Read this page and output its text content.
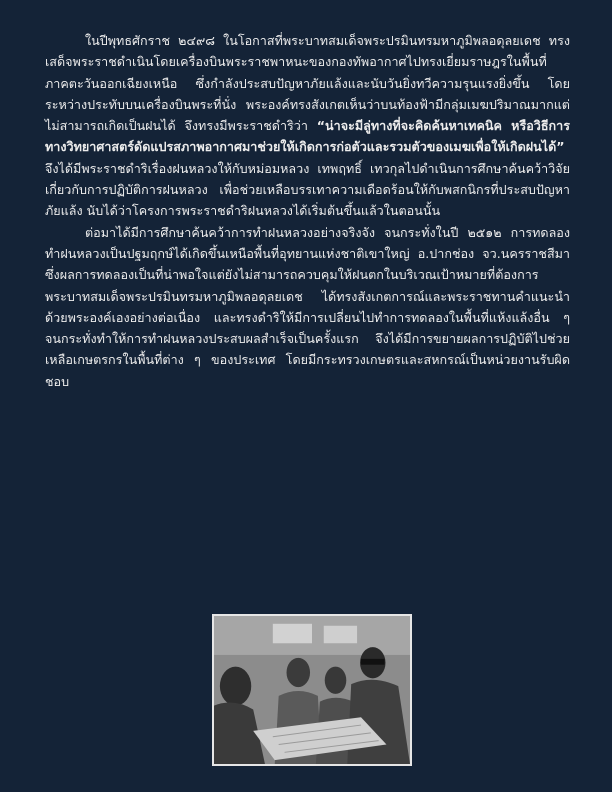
ในปีพุทธศักราช ๒๔๙๘ ในโอกาสที่พระบาทสมเด็จพระปรมินทรมหาภูมิพลอดุลยเดช ทรงเสด็จพระราชดำเนินโดยเครื่องบินพระราชพาหนะของกองทัพอากาศไปทรงเยี่ยมราษฎรในพื้นที่ภาคตะวันออกเฉียงเหนือ ซึ่งกำลังประสบปัญหาภัยแล้งและนับวันยิ่งทวีความรุนแรงยิ่งขึ้น โดยระหว่างประทับบนเครื่องบินพระที่นั่ง พระองค์ทรงสังเกตเห็นว่าบนท้องฟ้ามีกลุ่มเมฆปริมาณมากแต่ไม่สามารถเกิดเป็นฝนได้ จึงทรงมีพระราชดำริว่า “น่าจะมีลู่ทางที่จะคิดค้นหาเทคนิค หรือวิธีการทางวิทยาศาสตร์ดัดแปรสภาพอากาศมาช่วยให้เกิดการก่อตัวและรวมตัวของเมฆเพื่อให้เกิดฝนได้” จึงได้มีพระราชดำริเรื่องฝนหลวงให้กับหม่อมหลวง เทพฤทธิ์ เทวกุลไปดำเนินการศึกษาค้นคว้าวิจัยเกี่ยวกับการปฏิบัติการฝนหลวง เพื่อช่วยเหลือบรรเทาความเดือดร้อนให้กับพสกนิกรที่ประสบปัญหาภัยแล้ง นับได้ว่าโครงการพระราชดำริฝนหลวงได้เริ่มต้นขึ้นแล้วในตอนนั้น

ต่อมาได้มีการศึกษาค้นคว้าการทำฝนหลวงอย่างจริงจัง จนกระทั่งในปี ๒๕๑๒ การทดลองทำฝนหลวงเป็นปฐมฤกษ์ได้เกิดขึ้นเหนือพื้นที่อุทยานแห่งชาติเขาใหญ่ อ.ปากช่อง จว.นครราชสีมา ซึ่งผลการทดลองเป็นที่น่าพอใจแต่ยังไม่สามารถควบคุมให้ฝนตกในบริเวณเป้าหมายที่ต้องการ พระบาทสมเด็จพระปรมินทรมหาภูมิพลอดุลยเดช ได้ทรงสังเกตการณ์และพระราชทานคำแนะนำด้วยพระองค์เองอย่างต่อเนื่อง และทรงดำริให้มีการเปลี่ยนไปทำการทดลองในพื้นที่แห้งแล้งอื่น ๆ จนกระทั่งทำให้การทำฝนหลวงประสบผลสำเร็จเป็นครั้งแรก จึงได้มีการขยายผลการปฏิบัติไปช่วยเหลือเกษตรกรในพื้นที่ต่าง ๆ ของประเทศ โดยมีกระทรวงเกษตรและสหกรณ์เป็นหน่วยงานรับผิดชอบ
